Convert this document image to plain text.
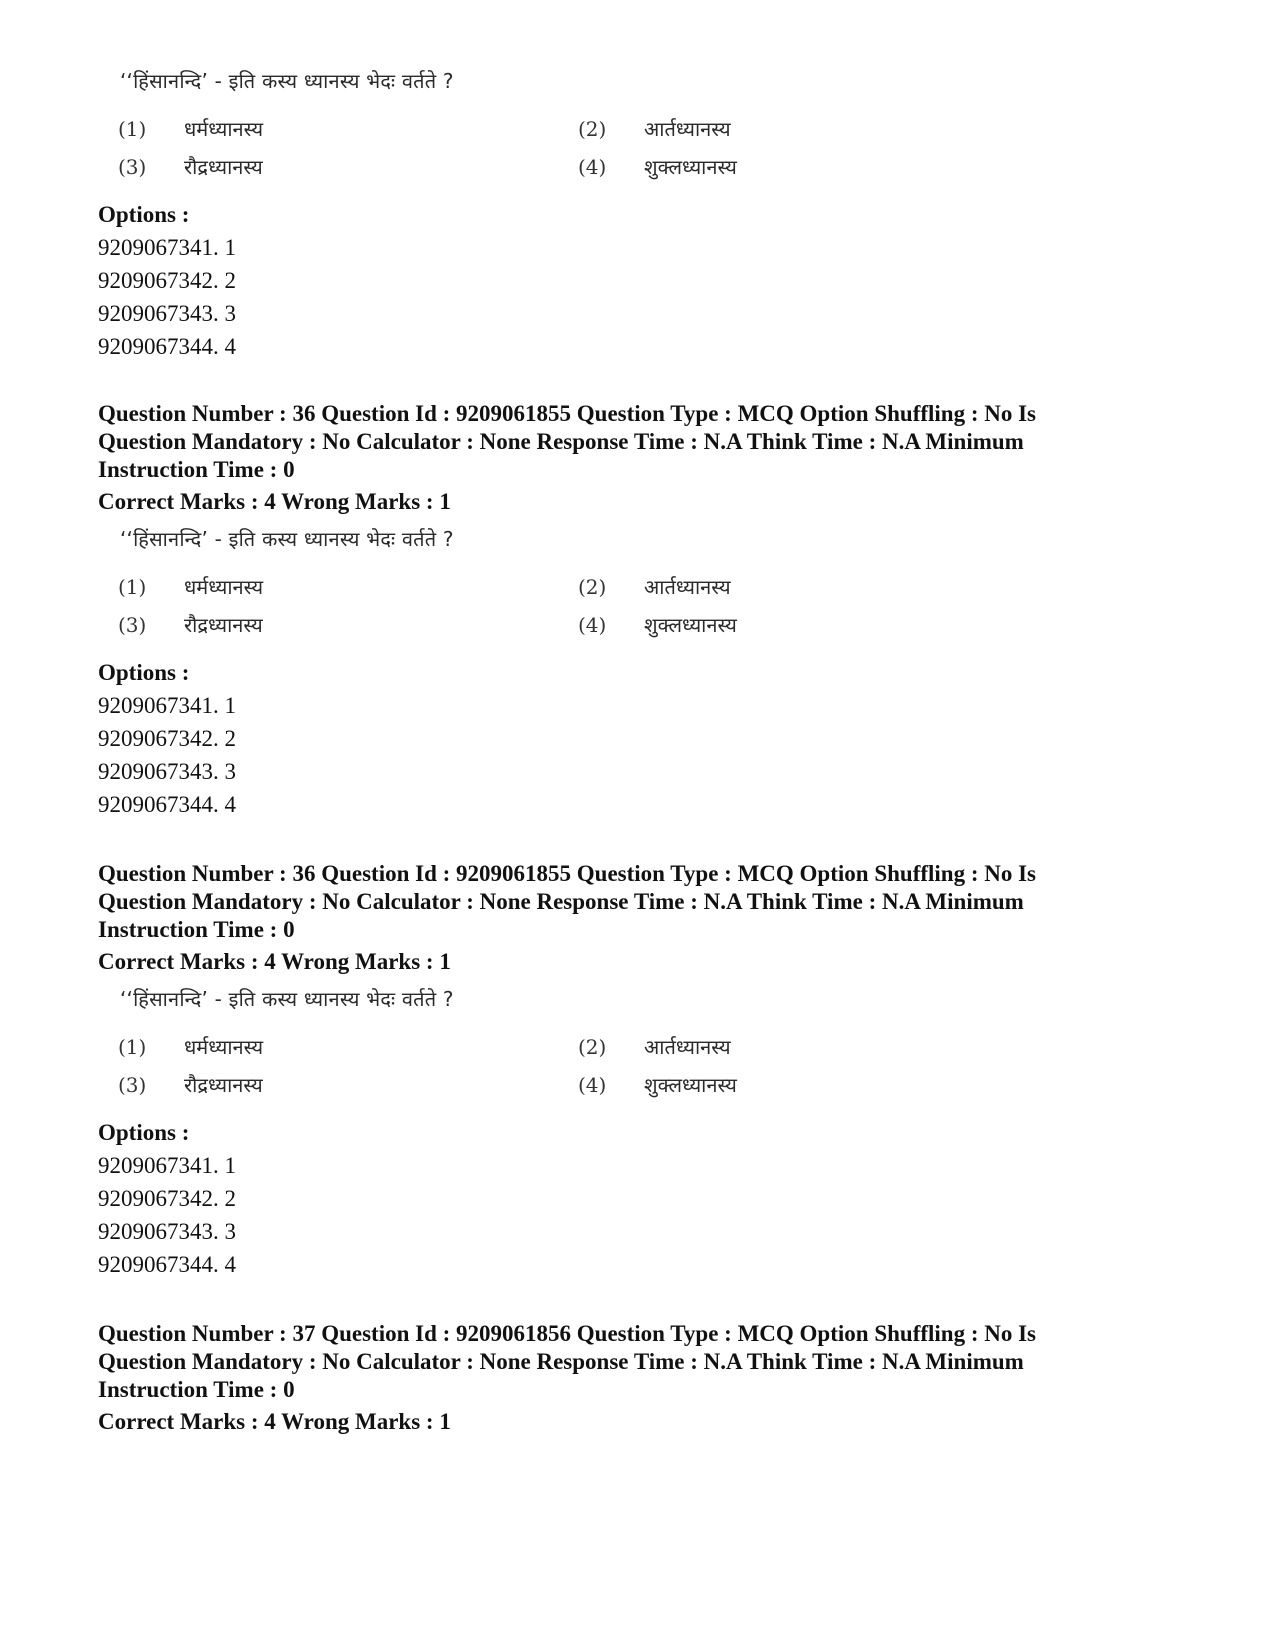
‘‘हिंसानन्दि’ - इति कस्य ध्यानस्य भेदः वर्तते ?
(1) धर्मध्यानस्य	(2) आर्तध्यानस्य
(3) रौद्रध्यानस्य	(4) शुक्लध्यानस्य
Options :
9209067341. 1
9209067342. 2
9209067343. 3
9209067344. 4
Question Number : 36 Question Id : 9209061855 Question Type : MCQ Option Shuffling : No Is
Question Mandatory : No Calculator : None Response Time : N.A Think Time : N.A Minimum
Instruction Time : 0
Correct Marks : 4 Wrong Marks : 1
‘‘हिंसानन्दि’ - इति कस्य ध्यानस्य भेदः वर्तते ?
(1) धर्मध्यानस्य	(2) आर्तध्यानस्य
(3) रौद्रध्यानस्य	(4) शुक्लध्यानस्य
Options :
9209067341. 1
9209067342. 2
9209067343. 3
9209067344. 4
Question Number : 36 Question Id : 9209061855 Question Type : MCQ Option Shuffling : No Is
Question Mandatory : No Calculator : None Response Time : N.A Think Time : N.A Minimum
Instruction Time : 0
Correct Marks : 4 Wrong Marks : 1
‘‘हिंसानन्दि’ - इति कस्य ध्यानस्य भेदः वर्तते ?
(1) धर्मध्यानस्य	(2) आर्तध्यानस्य
(3) रौद्रध्यानस्य	(4) शुक्लध्यानस्य
Options :
9209067341. 1
9209067342. 2
9209067343. 3
9209067344. 4
Question Number : 37 Question Id : 9209061856 Question Type : MCQ Option Shuffling : No Is
Question Mandatory : No Calculator : None Response Time : N.A Think Time : N.A Minimum
Instruction Time : 0
Correct Marks : 4 Wrong Marks : 1
